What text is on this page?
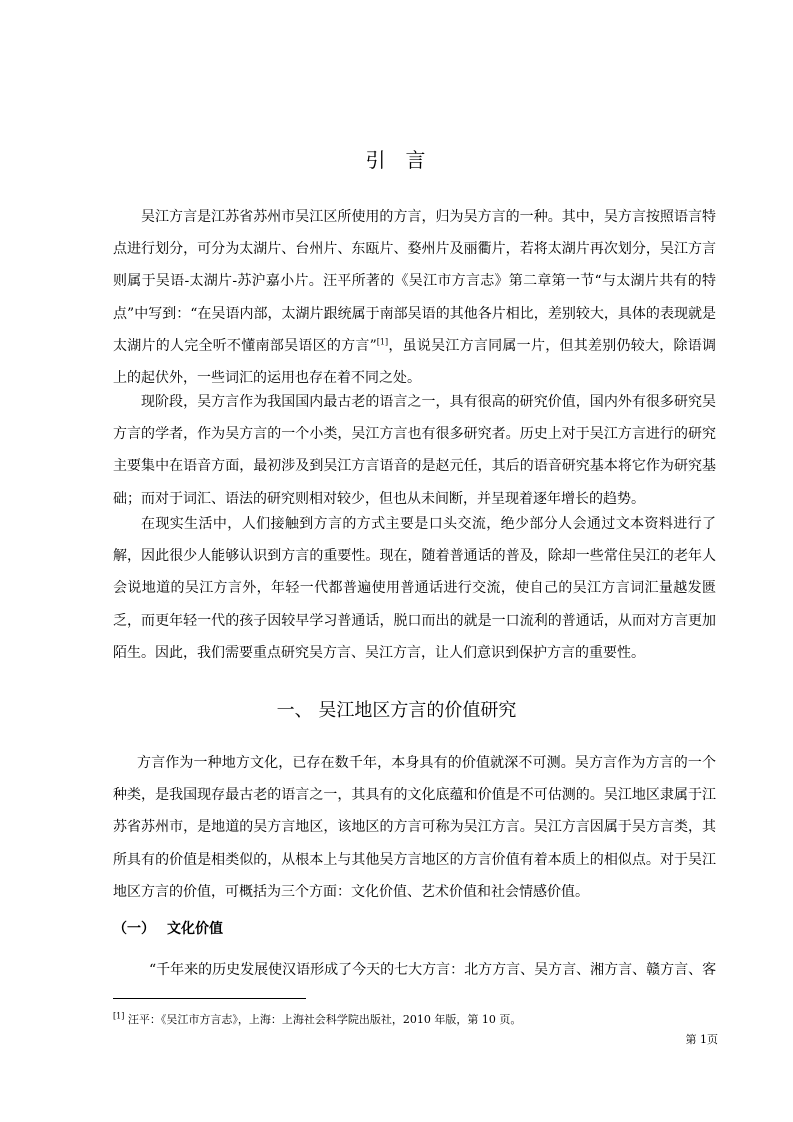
引 言
吴江方言是江苏省苏州市吴江区所使用的方言，归为吴方言的一种。其中，吴方言按照语言特点进行划分，可分为太湖片、台州片、东瓯片、婺州片及丽衢片，若将太湖片再次划分，吴江方言则属于吴语-太湖片-苏沪嘉小片。汪平所著的《吴江市方言志》第二章第一节“与太湖片共有的特点”中写到：“在吴语内部，太湖片跟统属于南部吴语的其他各片相比，差别较大，具体的表现就是太湖片的人完全听不懂南部吴语区的方言”[1]，虽说吴江方言同属一片，但其差别仍较大，除语调上的起伏外，一些词汇的运用也存在着不同之处。
现阶段，吴方言作为我国国内最古老的语言之一，具有很高的研究价值，国内外有很多研究吴方言的学者，作为吴方言的一个小类，吴江方言也有很多研究者。历史上对于吴江方言进行的研究主要集中在语音方面，最初涉及到吴江方言语音的是赵元任，其后的语音研究基本将它作为研究基础；而对于词汇、语法的研究则相对较少，但也从未间断，并呈现着逐年增长的趋势。
在现实生活中，人们接触到方言的方式主要是口头交流，绝少部分人会通过文本资料进行了解，因此很少人能够认识到方言的重要性。现在，随着普通话的普及，除却一些常住吴江的老年人会说地道的吴江方言外，年轻一代都普遍使用普通话进行交流，使自己的吴江方言词汇量越发匮乏，而更年轻一代的孩子因较早学习普通话，脱口而出的就是一口流利的普通话，从而对方言更加陌生。因此，我们需要重点研究吴方言、吴江方言，让人们意识到保护方言的重要性。
一、 吴江地区方言的价值研究
方言作为一种地方文化，已存在数千年，本身具有的价值就深不可测。吴方言作为方言的一个种类，是我国现存最古老的语言之一，其具有的文化底蕴和价值是不可估测的。吴江地区隶属于江苏省苏州市，是地道的吴方言地区，该地区的方言可称为吴江方言。吴江方言因属于吴方言类，其所具有的价值是相类似的，从根本上与其他吴方言地区的方言价值有着本质上的相似点。对于吴江地区方言的价值，可概括为三个方面：文化价值、艺术价值和社会情感价值。
（一） 文化价值
“千年来的历史发展使汉语形成了今天的七大方言：北方方言、吴方言、湘方言、赣方言、客
[1] 汪平：《吴江市方言志》，上海：上海社会科学院出版社，2010 年版，第 10 页。
第 1页
